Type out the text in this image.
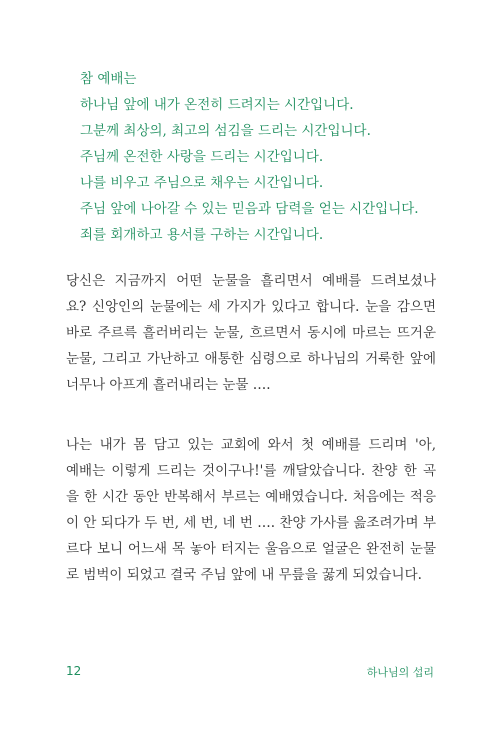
참 예배는
하나님 앞에 내가 온전히 드려지는 시간입니다.
그분께 최상의, 최고의 섬김을 드리는 시간입니다.
주님께 온전한 사랑을 드리는 시간입니다.
나를 비우고 주님으로 채우는 시간입니다.
주님 앞에 나아갈 수 있는 믿음과 담력을 얻는 시간입니다.
죄를 회개하고 용서를 구하는 시간입니다.
당신은 지금까지 어떤 눈물을 흘리면서 예배를 드려보셨나
요? 신앙인의 눈물에는 세 가지가 있다고 합니다. 눈을 감으면
바로 주르륵 흘러버리는 눈물, 흐르면서 동시에 마르는 뜨거운
눈물, 그리고 가난하고 애통한 심령으로 하나님의 거룩한 앞에
너무나 아프게 흘러내리는 눈물 ….
나는 내가 몸 담고 있는 교회에 와서 첫 예배를 드리며 '아,
예배는 이렇게 드리는 것이구나!'를 깨달았습니다. 찬양 한 곡
을 한 시간 동안 반복해서 부르는 예배였습니다. 처음에는 적응
이 안 되다가 두 번, 세 번, 네 번 …. 찬양 가사를 읊조려가며 부
르다 보니 어느새 목 놓아 터지는 울음으로 얼굴은 완전히 눈물
로 범벅이 되었고 결국 주님 앞에 내 무릎을 꿇게 되었습니다.
12	하나님의 섭리
